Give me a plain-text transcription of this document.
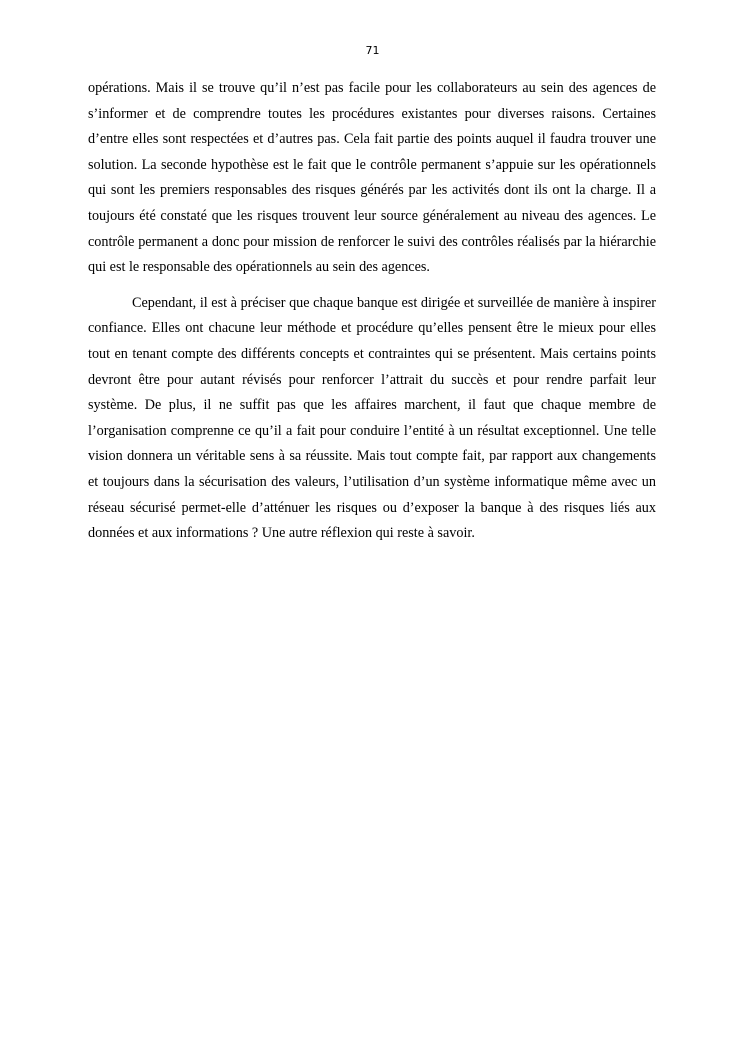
71

opérations. Mais il se trouve qu’il n’est pas facile pour les collaborateurs au sein des agences de s’informer et de comprendre toutes les procédures existantes pour diverses raisons. Certaines d’entre elles sont respectées et d’autres pas. Cela fait partie des points auquel il faudra trouver une solution. La seconde hypothèse est le fait que le contrôle permanent s’appuie sur les opérationnels qui sont les premiers responsables des risques générés par les activités dont ils ont la charge. Il a toujours été constaté que les risques trouvent leur source généralement au niveau des agences. Le contrôle permanent a donc pour mission de renforcer le suivi des contrôles réalisés par la hiérarchie qui est le responsable des opérationnels au sein des agences.

Cependant, il est à préciser que chaque banque est dirigée et surveillée de manière à inspirer confiance. Elles ont chacune leur méthode et procédure qu’elles pensent être le mieux pour elles tout en tenant compte des différents concepts et contraintes qui se présentent. Mais certains points devront être pour autant révisés pour renforcer l’attrait du succès et pour rendre parfait leur système. De plus, il ne suffit pas que les affaires marchent, il faut que chaque membre de l’organisation comprenne ce qu’il a fait pour conduire l’entité à un résultat exceptionnel. Une telle vision donnera un véritable sens à sa réussite. Mais tout compte fait, par rapport aux changements et toujours dans la sécurisation des valeurs, l’utilisation d’un système informatique même avec un réseau sécurisé permet-elle d’atténuer les risques ou d’exposer la banque à des risques liés aux données et aux informations ? Une autre réflexion qui reste à savoir.
